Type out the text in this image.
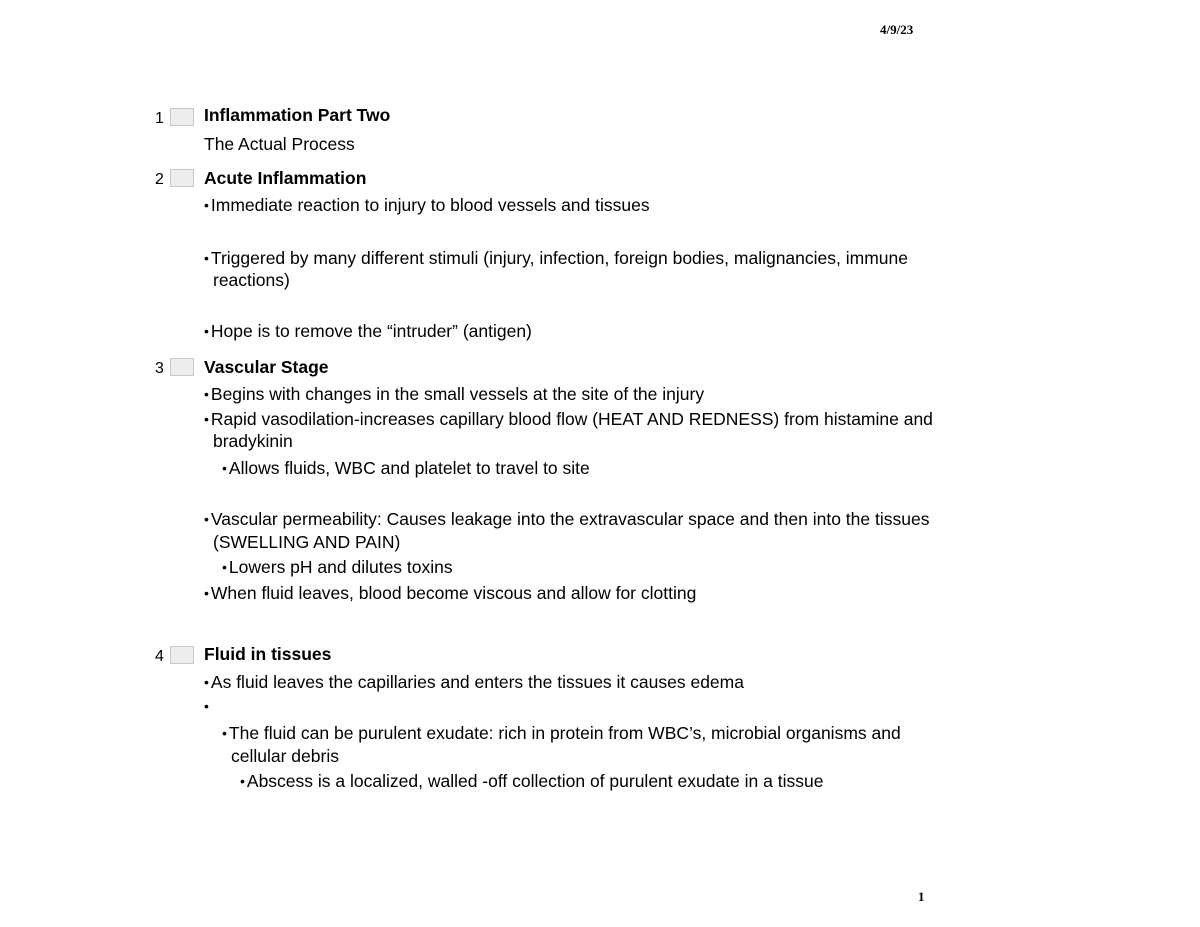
4/9/23
1 Inflammation Part Two
The Actual Process
2 Acute Inflammation
• Immediate reaction to injury to blood vessels and tissues
• Triggered by many different stimuli (injury, infection, foreign bodies, malignancies, immune
reactions)
• Hope is to remove the “intruder” (antigen)
3 Vascular Stage
• Begins with changes in the small vessels at the site of the injury
• Rapid vasodilation-increases capillary blood flow (HEAT AND REDNESS) from histamine and
bradykinin
• Allows fluids, WBC and platelet to travel to site
• Vascular permeability: Causes leakage into the extravascular space and then into the tissues
(SWELLING AND PAIN)
• Lowers pH and dilutes toxins
• When fluid leaves, blood become viscous and allow for clotting
4 Fluid in tissues
• As fluid leaves the capillaries and enters the tissues it causes edema
•
• The fluid can be purulent exudate: rich in protein from WBC’s, microbial organisms and
cellular debris
• Abscess is a localized, walled -off collection of purulent exudate in a tissue
1
